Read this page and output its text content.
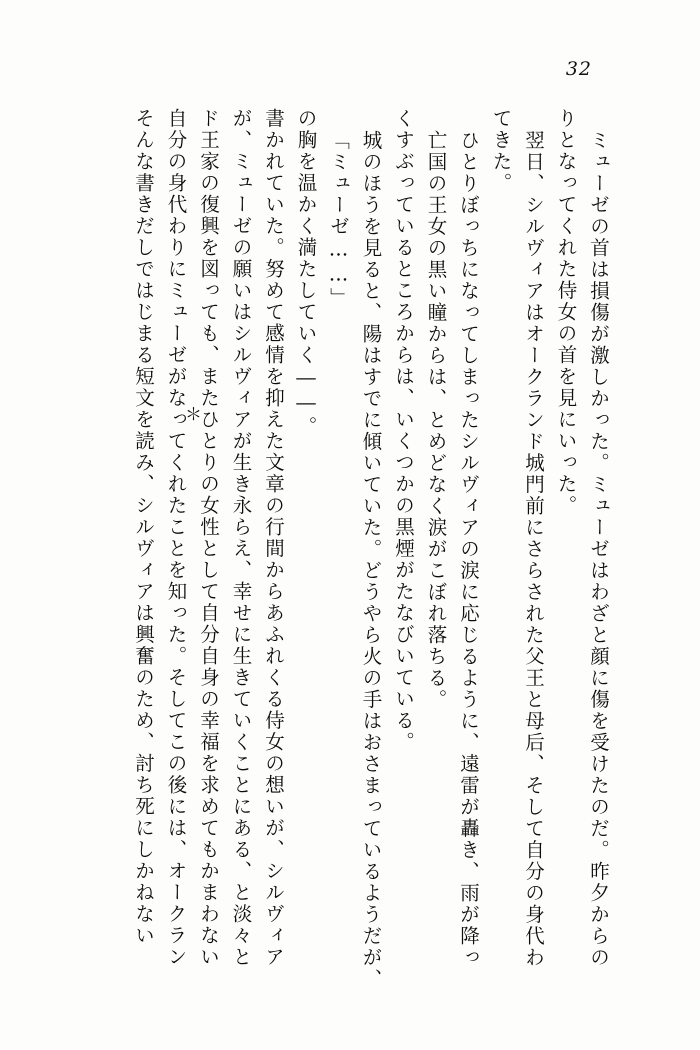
32
＊
そんな書きだしではじまる短文を読み、シルヴィアは興奮のため、討ち死にしかねない 自分の身代わりにミューゼがなってくれたことを知った。そしてこの後には、オークラン ド王家の復興を図っても、またひとりの女性として自分自身の幸福を求めてもかまわない が、ミューゼの願いはシルヴィアが生き永らえ、幸せに生きていくことにある、と淡々と 書かれていた。努めて感情を抑えた文章の行間からあふれくる侍女の想いが、シルヴィア の胸を温かく満たしていく――。 「ミューゼ……」 城のほうを見ると、陽はすでに傾いていた。どうやら火の手はおさまっているようだが、 くすぶっているところからは、いくつかの黒煙がたなびいている。 亡国の王女の黒い瞳からは、とめどなく涙がこぼれ落ちる。 ひとりぼっちになってしまったシルヴィアの涙に応じるように、遠雷が轟き、雨が降っ てきた。 翌日、シルヴィアはオークランド城門前にさらされた父王と母后、そして自分の身代わ りとなってくれた侍女の首を見にいった。 ミューゼの首は損傷が激しかった。ミューゼはわざと顔に傷を受けたのだ。昨夕からの
